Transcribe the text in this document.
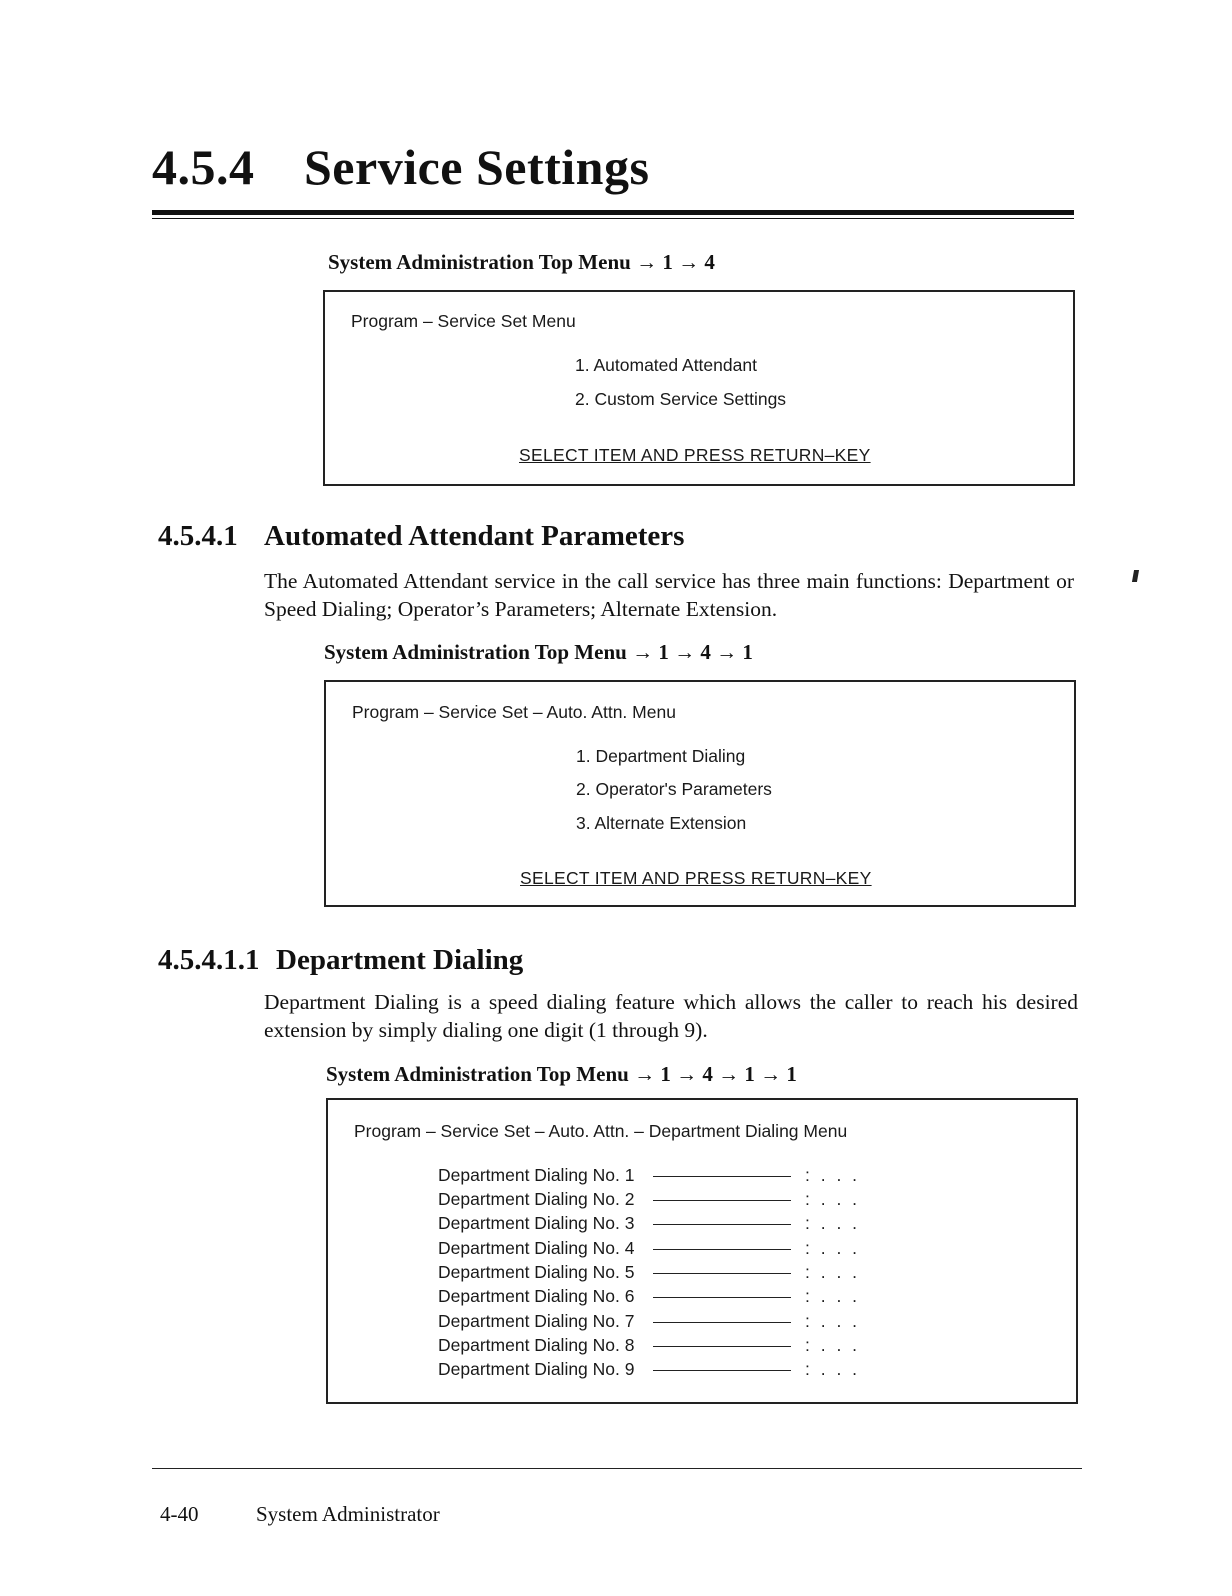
4.5.4 Service Settings
System Administration Top Menu → 1 → 4
Program – Service Set Menu
1. Automated Attendant
2. Custom Service Settings
SELECT ITEM AND PRESS RETURN–KEY
4.5.4.1 Automated Attendant Parameters

The Automated Attendant service in the call service has three main functions: Department or Speed Dialing; Operator’s Parameters; Alternate Extension.

System Administration Top Menu → 1 → 4 → 1
Program – Service Set – Auto. Attn. Menu
1. Department Dialing
2. Operator's Parameters
3. Alternate Extension
SELECT ITEM AND PRESS RETURN–KEY
4.5.4.1.1 Department Dialing

Department Dialing is a speed dialing feature which allows the caller to reach his desired extension by simply dialing one digit (1 through 9).

System Administration Top Menu → 1 → 4 → 1 → 1
Program – Service Set – Auto. Attn. – Department Dialing Menu
Department Dialing No. 1	: . . .
Department Dialing No. 2	: . . .
Department Dialing No. 3	: . . .
Department Dialing No. 4	: . . .
Department Dialing No. 5	: . . .
Department Dialing No. 6	: . . .
Department Dialing No. 7	: . . .
Department Dialing No. 8	: . . .
Department Dialing No. 9	: . . .
4-40	System Administrator
